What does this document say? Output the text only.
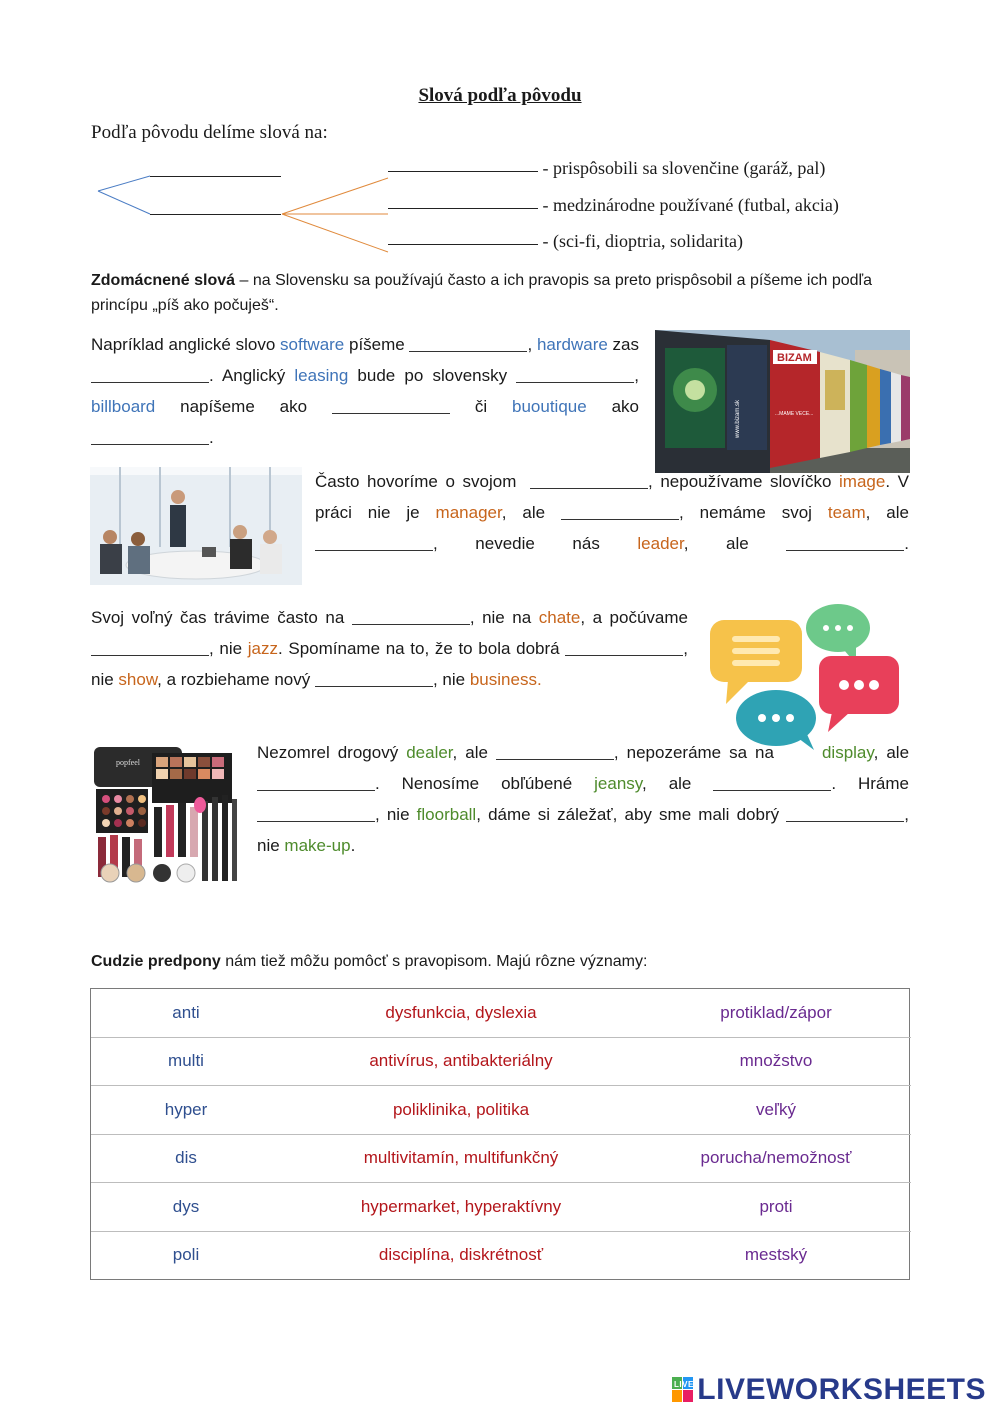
Slová podľa pôvodu
Podľa pôvodu delíme slová na:
- prispôsobili sa slovenčine (garáž, pal)
- medzinárodne používané (futbal, akcia)
- (sci-fi, dioptria, solidarita)
Zdomácnené slová – na Slovensku sa používajú často a ich pravopis sa preto prispôsobil a píšeme ich podľa princípu „píš ako počuješ“.
Napríklad anglické slovo software píšeme	, hardware zas . Anglický leasing bude po slovensky	, billboard napíšeme ako	či buoutique ako .
BIZAM
www.bizam.sk	...MAME VECE...
Často hovoríme o svojom	, nepoužívame slovíčko image. V práci nie je manager, ale	, nemáme svoj team, ale , nevedie nás leader, ale	.
Svoj voľný čas trávime často na	, nie na chate, a počúvame , nie jazz. Spomíname na to, že to bola dobrá	, nie show, a rozbiehame nový	, nie business.
popfeel
Nezomrel drogový dealer, ale	, nepozeráme sa na display, ale . Nenosíme obľúbené jeansy, ale	. Hráme , nie floorball, dáme si záležať, aby sme mali dobrý	, nie make-up.
Cudzie predpony nám tiež môžu pomôcť s pravopisom. Majú rôzne významy:
anti	dysfunkcia, dyslexia	protiklad/zápor
multi	antivírus, antibakteriálny	množstvo
hyper	poliklinika, politika	veľký
dis	multivitamín, multifunkčný	porucha/nemožnosť
dys	hypermarket, hyperaktívny	proti
poli	disciplína, diskrétnosť	mestský
LIVE LIVEWORKSHEETS
